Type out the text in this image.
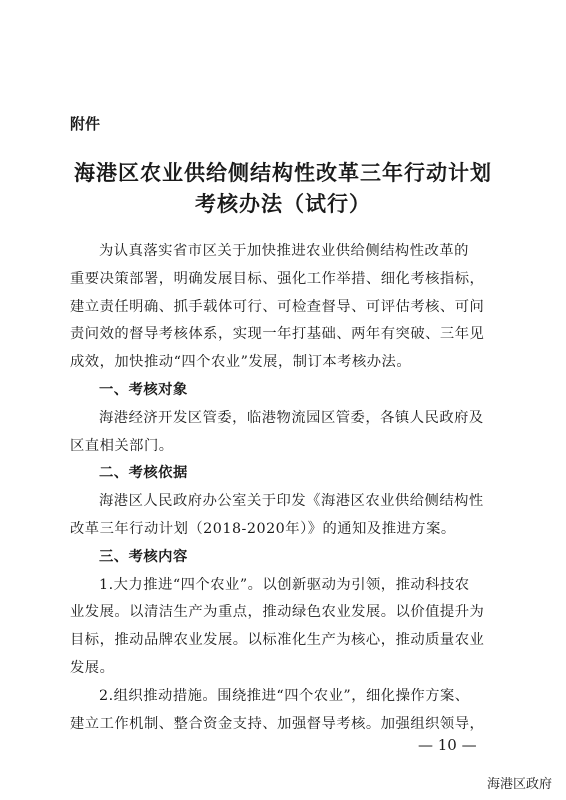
附件
海港区农业供给侧结构性改革三年行动计划
考核办法（试行）
为认真落实省市区关于加快推进农业供给侧结构性改革的
重要决策部署，明确发展目标、强化工作举措、细化考核指标，
建立责任明确、抓手载体可行、可检查督导、可评估考核、可问
责问效的督导考核体系，实现一年打基础、两年有突破、三年见
成效，加快推动“四个农业”发展，制订本考核办法。
一、考核对象
海港经济开发区管委，临港物流园区管委，各镇人民政府及
区直相关部门。
二、考核依据
海港区人民政府办公室关于印发《海港区农业供给侧结构性
改革三年行动计划（2018-2020年）》的通知及推进方案。
三、考核内容
1.大力推进“四个农业”。以创新驱动为引领，推动科技农
业发展。以清洁生产为重点，推动绿色农业发展。以价值提升为
目标，推动品牌农业发展。以标准化生产为核心，推动质量农业
发展。
2.组织推动措施。围绕推进“四个农业”，细化操作方案、
建立工作机制、整合资金支持、加强督导考核。加强组织领导，
— 10 —
海港区政府
